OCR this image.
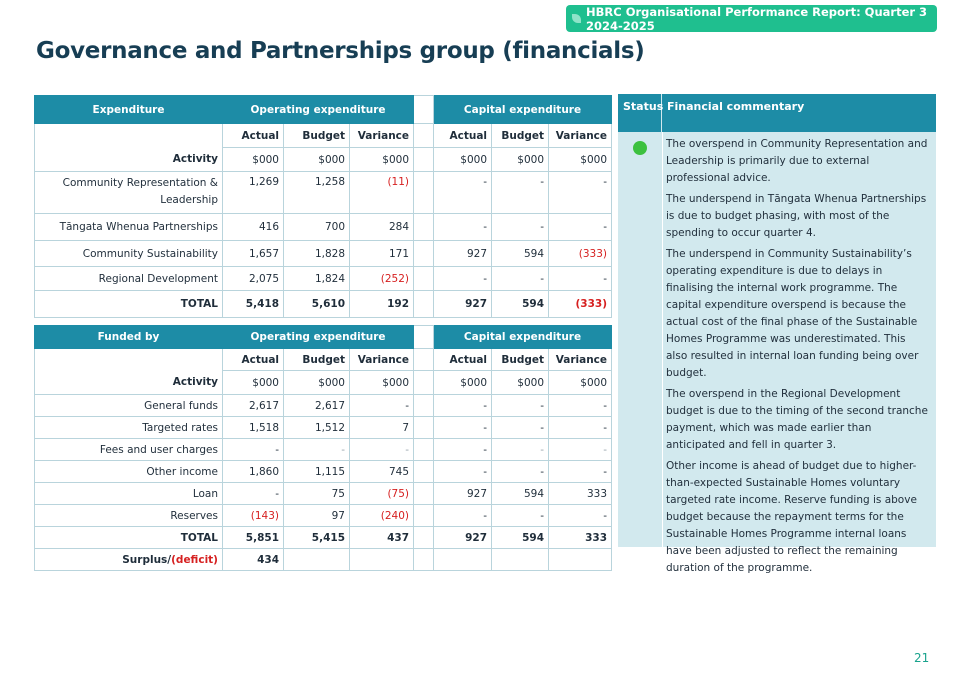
HBRC Organisational Performance Report: Quarter 3 2024-2025
Governance and Partnerships group (financials)
Expenditure	Operating expenditure				Capital expenditure		
	Actual	Budget	Variance		Actual	Budget	Variance
Activity	$000	$000	$000		$000	$000	$000
Community Representation & Leadership	1,269	1,258	(11)		-	-	-
Tāngata Whenua Partnerships	416	700	284		-	-	-
Community Sustainability	1,657	1,828	171		927	594	(333)
Regional Development	2,075	1,824	(252)		-	-	-
TOTAL	5,418	5,610	192		927	594	(333)
Funded by	Operating expenditure				Capital expenditure		
	Actual	Budget	Variance		Actual	Budget	Variance
Activity	$000	$000	$000		$000	$000	$000
General funds	2,617	2,617	-		-	-	-
Targeted rates	1,518	1,512	7		-	-	-
Fees and user charges	-	-	-		-	-	-
Other income	1,860	1,115	745		-	-	-
Loan	-	75	(75)		927	594	333
Reserves	(143)	97	(240)		-	-	-
TOTAL	5,851	5,415	437		927	594	333
Surplus/(deficit)	434						
Status Financial commentary

The overspend in Community Representation and Leadership is primarily due to external professional advice.

The underspend in Tāngata Whenua Partnerships is due to budget phasing, with most of the spending to occur quarter 4.

The underspend in Community Sustainability’s operating expenditure is due to delays in finalising the internal work programme. The capital expenditure overspend is because the actual cost of the final phase of the Sustainable Homes Programme was underestimated. This also resulted in internal loan funding being over budget.

The overspend in the Regional Development budget is due to the timing of the second tranche payment, which was made earlier than anticipated and fell in quarter 3.

Other income is ahead of budget due to higher-than-expected Sustainable Homes voluntary targeted rate income. Reserve funding is above budget because the repayment terms for the Sustainable Homes Programme internal loans have been adjusted to reflect the remaining duration of the programme.

21
